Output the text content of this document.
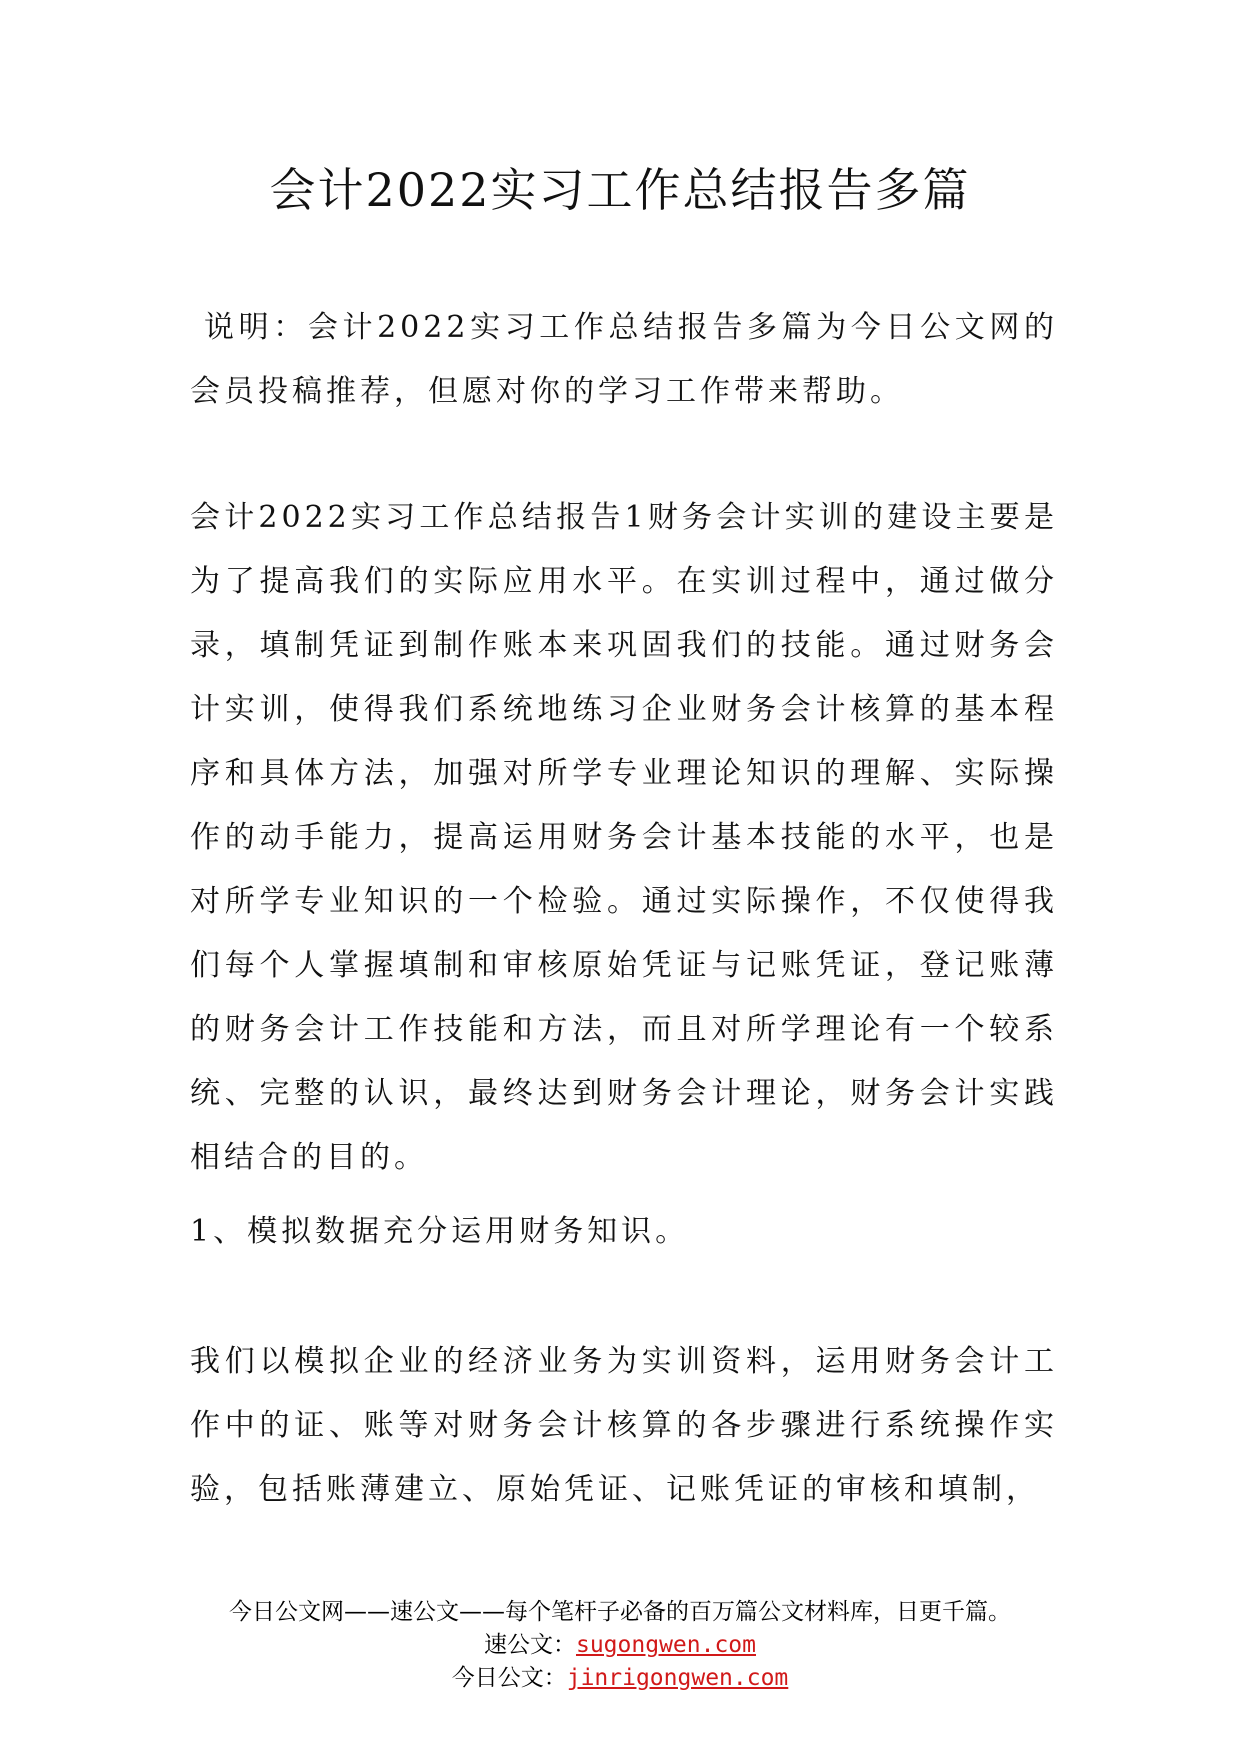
会计2022实习工作总结报告多篇

说明：会计2022实习工作总结报告多篇为今日公文网的会员投稿推荐，但愿对你的学习工作带来帮助。

会计2022实习工作总结报告1财务会计实训的建设主要是为了提高我们的实际应用水平。在实训过程中，通过做分录，填制凭证到制作账本来巩固我们的技能。通过财务会计实训，使得我们系统地练习企业财务会计核算的基本程序和具体方法，加强对所学专业理论知识的理解、实际操作的动手能力，提高运用财务会计基本技能的水平，也是对所学专业知识的一个检验。通过实际操作，不仅使得我们每个人掌握填制和审核原始凭证与记账凭证，登记账薄的财务会计工作技能和方法，而且对所学理论有一个较系统、完整的认识，最终达到财务会计理论，财务会计实践相结合的目的。

1、模拟数据充分运用财务知识。

我们以模拟企业的经济业务为实训资料，运用财务会计工作中的证、账等对财务会计核算的各步骤进行系统操作实验，包括账薄建立、原始凭证、记账凭证的审核和填制，

今日公文网——速公文——每个笔杆子必备的百万篇公文材料库，日更千篇。
速公文：sugongwen.com
今日公文：jinrigongwen.com
